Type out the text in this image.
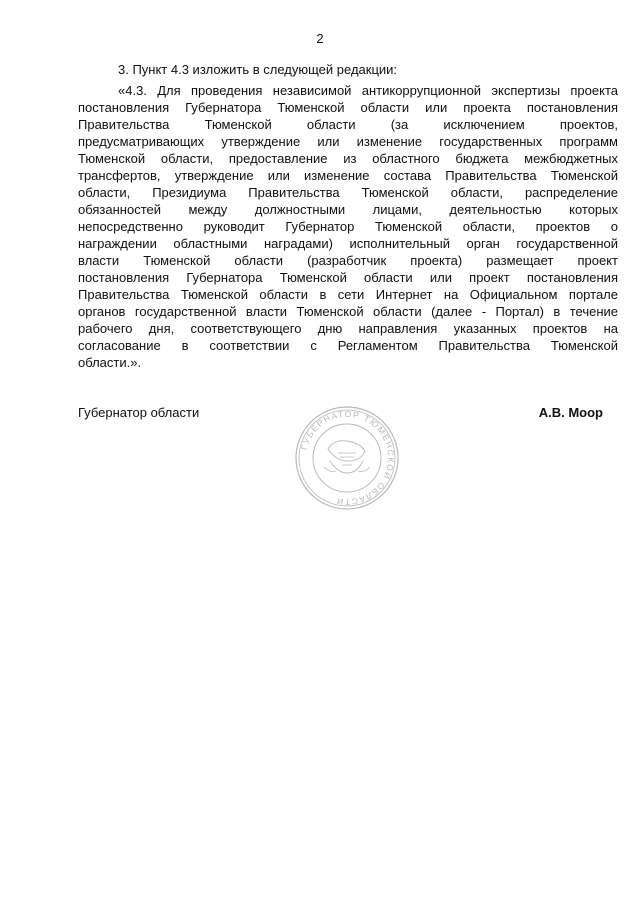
2
3. Пункт 4.3 изложить в следующей редакции:
«4.3. Для проведения независимой антикоррупционной экспертизы проекта
постановления Губернатора Тюменской области или проекта постановления
Правительства Тюменской области (за исключением проектов,
предусматривающих утверждение или изменение государственных программ
Тюменской области, предоставление из областного бюджета межбюджетных
трансфертов, утверждение или изменение состава Правительства Тюменской
области, Президиума Правительства Тюменской области, распределение
обязанностей между должностными лицами, деятельностью которых
непосредственно руководит Губернатор Тюменской области, проектов о
награждении областными наградами) исполнительный орган государственной
власти Тюменской области (разработчик проекта) размещает проект
постановления Губернатора Тюменской области или проект постановления
Правительства Тюменской области в сети Интернет на Официальном портале
органов государственной власти Тюменской области (далее - Портал) в течение
рабочего дня, соответствующего дню направления указанных проектов на
согласование в соответствии с Регламентом Правительства Тюменской
области.».
Губернатор области
ГУБЕРНАТОР ТЮМЕНСКОЙ ОБЛАСТИ
А.В. Моор
